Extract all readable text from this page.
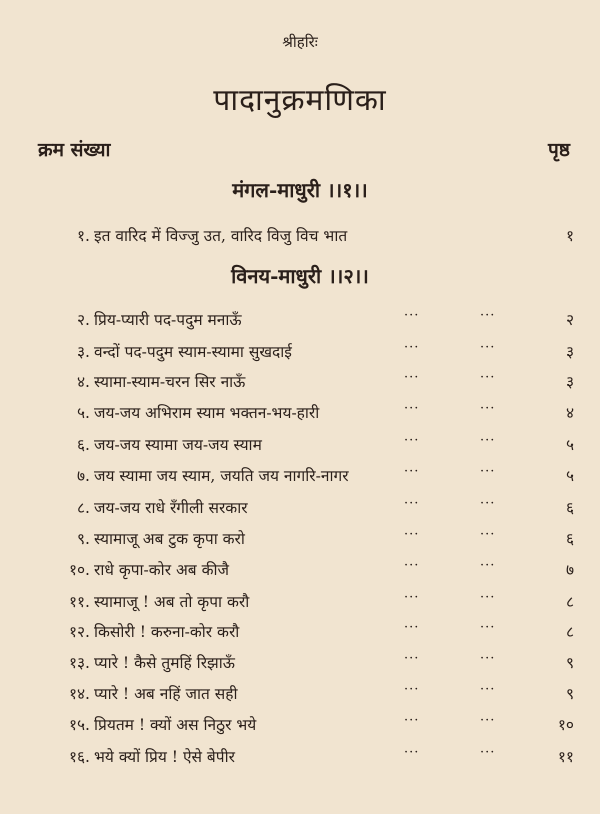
श्रीहरिः
पादानुक्रमणिका
क्रम संख्या	पृष्ठ
मंगल-माधुरी ।।१।।
विनय-माधुरी ।।२।।
१. इत वारिद में विज्जु उत, वारिद विजु विच भात	१
२. प्रिय-प्यारी पद-पदुम मनाऊँ	···	···	२
३. वन्दों पद-पदुम स्याम-स्यामा सुखदाई	···	···	३
४. स्यामा-स्याम-चरन सिर नाऊँ	···	···	३
५. जय-जय अभिराम स्याम भक्तन-भय-हारी	···	···	४
६. जय-जय स्यामा जय-जय स्याम	···	···	५
७. जय स्यामा जय स्याम, जयति जय नागरि-नागर	···	···	५
८. जय-जय राधे रँगीली सरकार	···	···	६
९. स्यामाजू अब टुक कृपा करो	···	···	६
१०. राधे कृपा-कोर अब कीजै	···	···	७
११. स्यामाजू ! अब तो कृपा करौ	···	···	८
१२. किसोरी ! करुना-कोर करौ	···	···	८
१३. प्यारे ! कैसे तुमहिं रिझाऊँ	···	···	९
१४. प्यारे ! अब नहिं जात सही	···	···	९
१५. प्रियतम ! क्यों अस निठुर भये	···	···	१०
१६. भये क्यों प्रिय ! ऐसे बेपीर	···	···	११
